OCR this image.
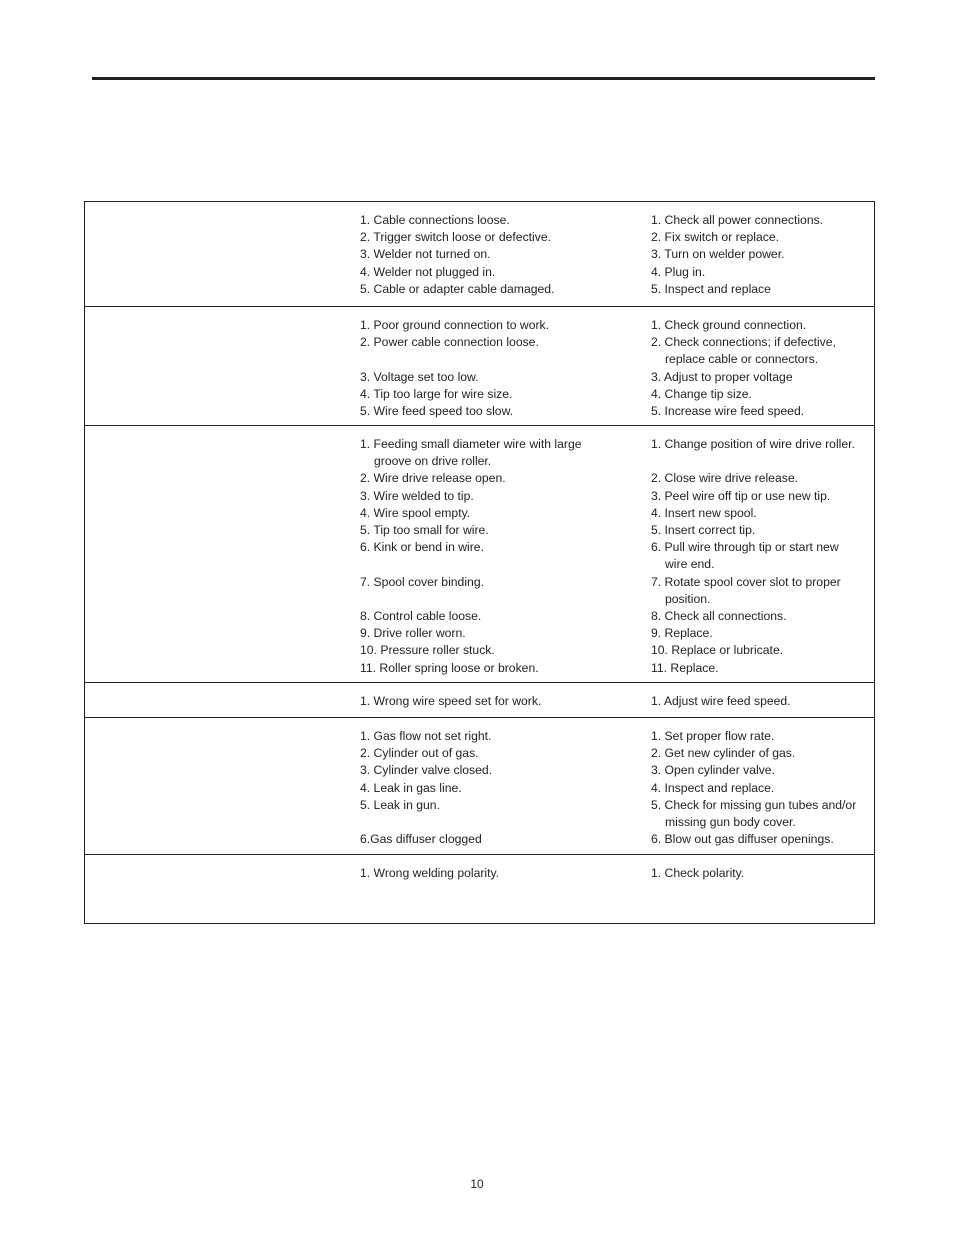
1. Cable connections loose.
2. Trigger switch loose or defective.
3. Welder not turned on.
4. Welder not plugged in.
5. Cable or adapter cable damaged.
1. Check all power connections.
2. Fix switch or replace.
3. Turn on welder power.
4. Plug in.
5. Inspect and replace
1. Poor ground connection to work.
2. Power cable connection loose.
3. Voltage set too low.
4. Tip too large for wire size.
5. Wire feed speed too slow.
1. Check ground connection.
2. Check connections; if defective,
replace cable or connectors.
3. Adjust to proper voltage
4. Change tip size.
5. Increase wire feed speed.
1. Feeding small diameter wire with large
groove on drive roller.
2. Wire drive release open.
3. Wire welded to tip.
4. Wire spool empty.
5. Tip too small for wire.
6. Kink or bend in wire.
7. Spool cover binding.
8. Control cable loose.
9. Drive roller worn.
10. Pressure roller stuck.
11. Roller spring loose or broken.
1. Change position of wire drive roller.
2. Close wire drive release.
3. Peel wire off tip or use new tip.
4. Insert new spool.
5. Insert correct tip.
6. Pull wire through tip or start new
wire end.
7. Rotate spool cover slot to proper
position.
8. Check all connections.
9. Replace.
10. Replace or lubricate.
11. Replace.
1. Wrong wire speed set for work.	1. Adjust wire feed speed.
1. Gas flow not set right.
2. Cylinder out of gas.
3. Cylinder valve closed.
4. Leak in gas line.
5. Leak in gun.
6.Gas diffuser clogged
1. Set proper flow rate.
2. Get new cylinder of gas.
3. Open cylinder valve.
4. Inspect and replace.
5. Check for missing gun tubes and/or
missing gun body cover.
6. Blow out gas diffuser openings.
1. Wrong welding polarity.	1. Check polarity.
10
